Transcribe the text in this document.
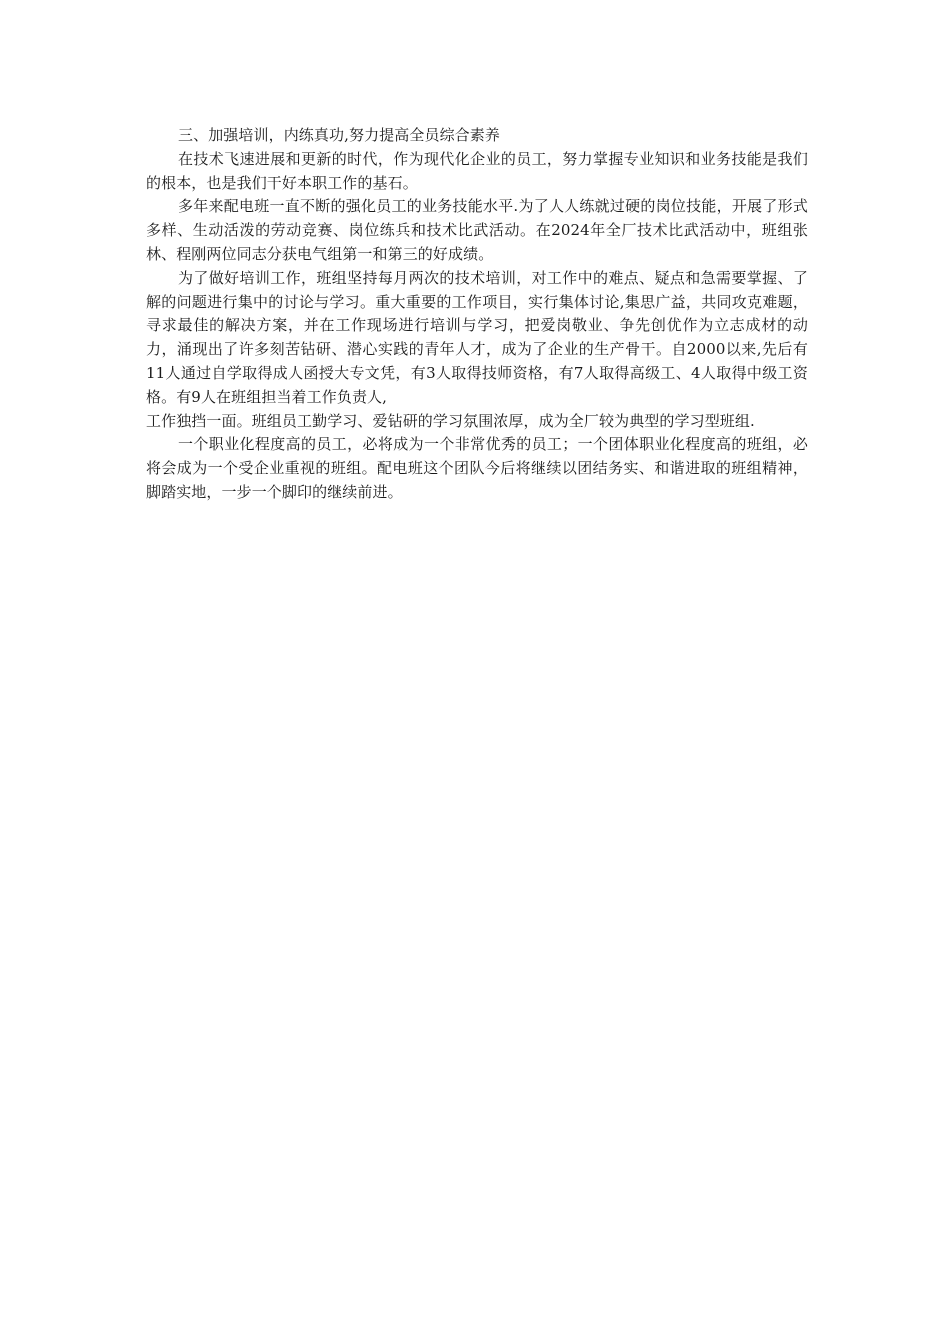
三、加强培训，内练真功,努力提高全员综合素养

在技术飞速进展和更新的时代，作为现代化企业的员工，努力掌握专业知识和业务技能是我们的根本，也是我们干好本职工作的基石。

多年来配电班一直不断的强化员工的业务技能水平.为了人人练就过硬的岗位技能，开展了形式多样、生动活泼的劳动竞赛、岗位练兵和技术比武活动。在2024年全厂技术比武活动中，班组张林、程刚两位同志分获电气组第一和第三的好成绩。

为了做好培训工作，班组坚持每月两次的技术培训，对工作中的难点、疑点和急需要掌握、了解的问题进行集中的讨论与学习。重大重要的工作项目，实行集体讨论,集思广益，共同攻克难题，寻求最佳的解决方案，并在工作现场进行培训与学习，把爱岗敬业、争先创优作为立志成材的动力，涌现出了许多刻苦钻研、潜心实践的青年人才，成为了企业的生产骨干。自2000以来,先后有11人通过自学取得成人函授大专文凭，有3人取得技师资格，有7人取得高级工、4人取得中级工资格。有9人在班组担当着工作负责人,

工作独挡一面。班组员工勤学习、爱钻研的学习氛围浓厚，成为全厂较为典型的学习型班组.

一个职业化程度高的员工，必将成为一个非常优秀的员工；一个团体职业化程度高的班组，必将会成为一个受企业重视的班组。配电班这个团队今后将继续以团结务实、和谐进取的班组精神，脚踏实地，一步一个脚印的继续前进。
